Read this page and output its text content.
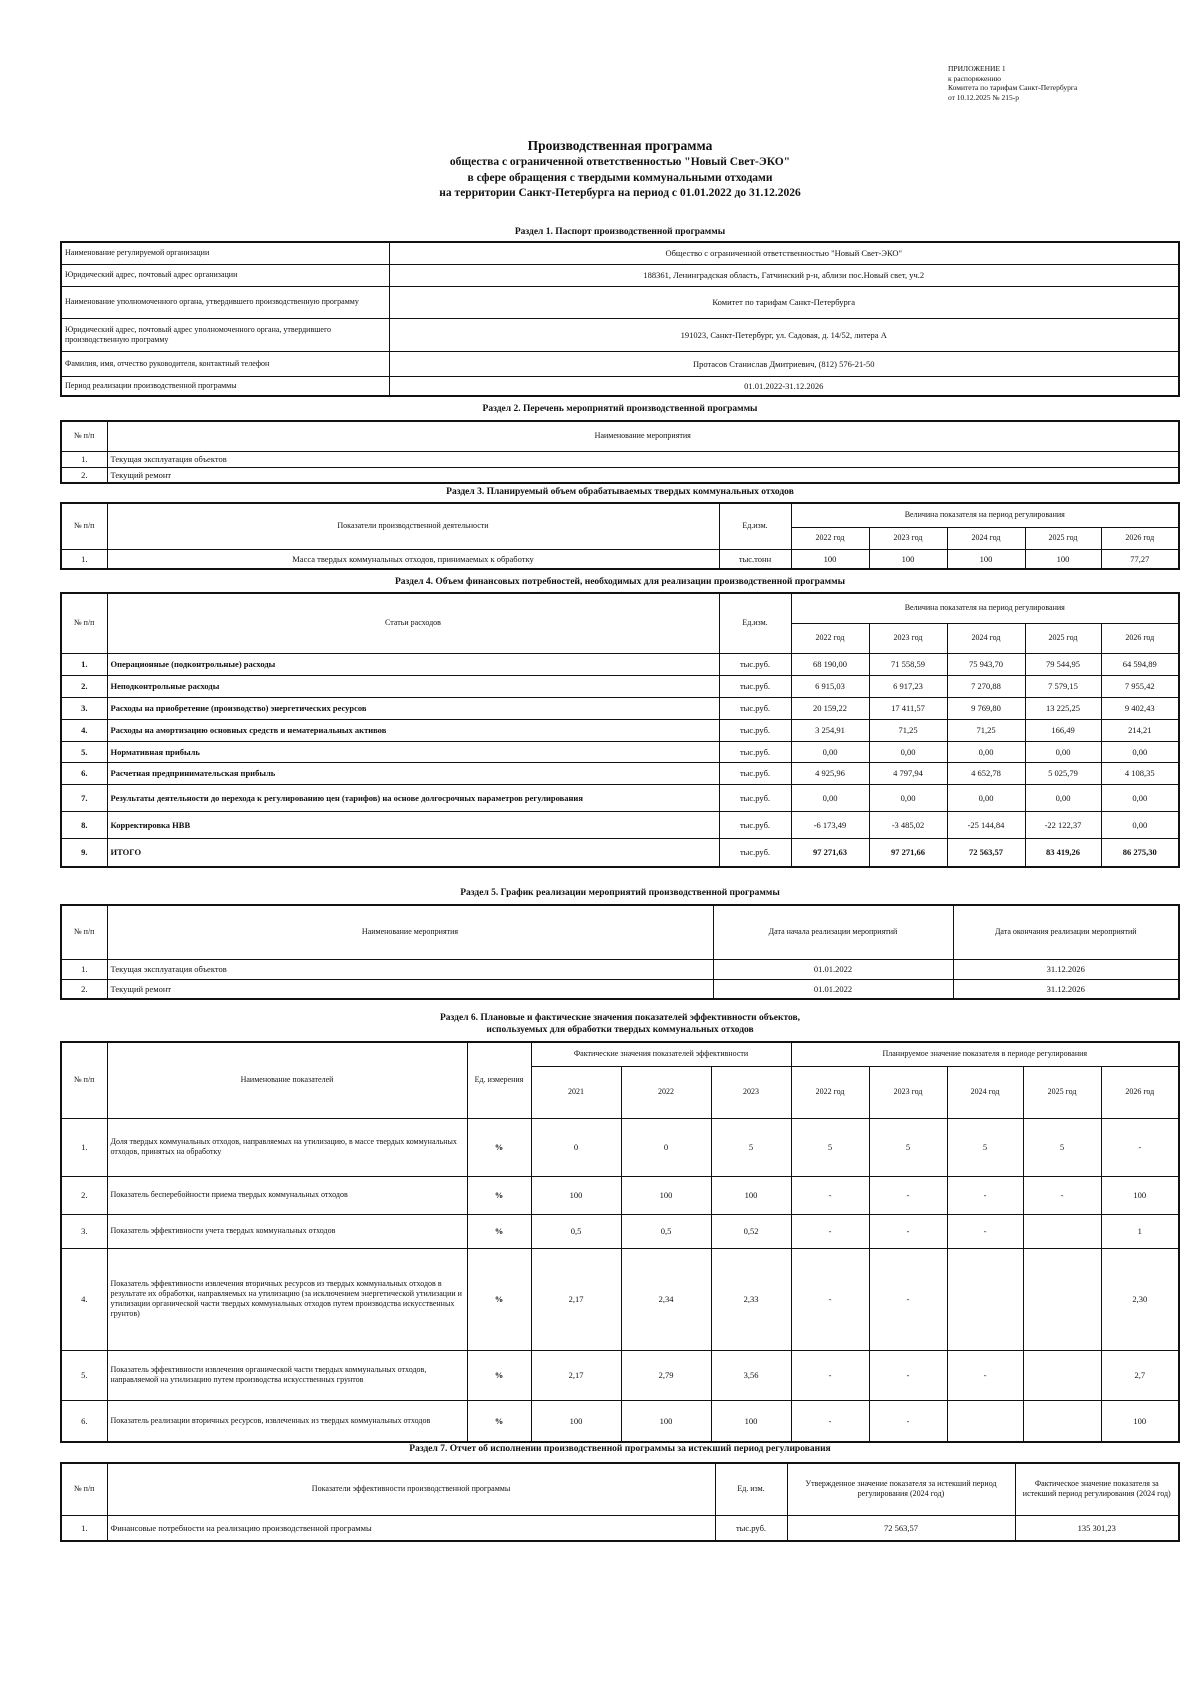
ПРИЛОЖЕНИЕ 1
к распоряжению
Комитета по тарифам Санкт-Петербурга
от 10.12.2025 № 215-р
Производственная программа
общества с ограниченной ответственностью "Новый Свет-ЭКО"
в сфере обращения с твердыми коммунальными отходами
на территории Санкт-Петербурга на период с 01.01.2022 до 31.12.2026
Раздел 1. Паспорт производственной программы
Наименование регулируемой организации	Общество с ограниченной ответственностью "Новый Свет-ЭКО"
Юридический адрес, почтовый адрес организации	188361, Ленинградская область, Гатчинский р-н, аблизи пос.Новый свет, уч.2
Наименование уполномоченного органа, утвердившего производственную программу	Комитет по тарифам Санкт-Петербурга
Юридический адрес, почтовый адрес уполномоченного органа, утвердившего производственную программу	191023, Санкт-Петербург, ул. Садовая, д. 14/52, литера А
Фамилия, имя, отчество руководителя, контактный телефон	Протасов Станислав Дмитриевич, (812) 576-21-50
Период реализации производственной программы	01.01.2022-31.12.2026
Раздел 2. Перечень мероприятий производственной программы
№ п/п	Наименование мероприятия
1.	Текущая эксплуатация объектов
2.	Текущий ремонт
Раздел 3. Планируемый объем обрабатываемых твердых коммунальных отходов
№ п/п	Показатели производственной деятельности	Ед.изм.	Величина показателя на период регулирования				
			2022 год	2023 год	2024 год	2025 год	2026 год
1.	Масса твердых коммунальных отходов, принимаемых к обработку	тыс.тонн	100	100	100	100	77,27
Раздел 4. Объем финансовых потребностей, необходимых для реализации производственной программы
№ п/п	Статьи расходов	Ед.изм.	Величина показателя на период регулирования				
			2022 год	2023 год	2024 год	2025 год	2026 год
1.	Операционные (подконтрольные) расходы	тыс.руб.	68 190,00	71 558,59	75 943,70	79 544,95	64 594,89
2.	Неподконтрольные расходы	тыс.руб.	6 915,03	6 917,23	7 270,88	7 579,15	7 955,42
3.	Расходы на приобретение (производство) энергетических ресурсов	тыс.руб.	20 159,22	17 411,57	9 769,80	13 225,25	9 402,43
4.	Расходы на амортизацию основных средств и нематериальных активов	тыс.руб.	3 254,91	71,25	71,25	166,49	214,21
5.	Нормативная прибыль	тыс.руб.	0,00	0,00	0,00	0,00	0,00
6.	Расчетная предпринимательская прибыль	тыс.руб.	4 925,96	4 797,94	4 652,78	5 025,79	4 108,35
7.	Результаты деятельности до перехода к регулированию цен (тарифов) на основе долгосрочных параметров регулирования	тыс.руб.	0,00	0,00	0,00	0,00	0,00
8.	Корректировка НВВ	тыс.руб.	-6 173,49	-3 485,02	-25 144,84	-22 122,37	0,00
9.	ИТОГО	тыс.руб.	97 271,63	97 271,66	72 563,57	83 419,26	86 275,30
Раздел 5. График реализации мероприятий производственной программы
№ п/п	Наименование мероприятия	Дата начала реализации мероприятий	Дата окончания реализации мероприятий
1.	Текущая эксплуатация объектов	01.01.2022	31.12.2026
2.	Текущий ремонт	01.01.2022	31.12.2026
Раздел 6. Плановые и фактические значения показателей эффективности объектов,
используемых для обработки твердых коммунальных отходов
№ п/п	Наименование показателей	Ед. измерения	Фактические значения показателей эффективности			Планируемое значение показателя в периоде регулирования				
			2021	2022	2023	2022 год	2023 год	2024 год	2025 год	2026 год
1.	Доля твердых коммунальных отходов, направляемых на утилизацию, в массе твердых коммунальных отходов, принятых на обработку	%	0	0	5	5	5	5	5	-
2.	Показатель бесперебойности приема твердых коммунальных отходов	%	100	100	100	-	-	-	-	100
3.	Показатель эффективности учета твердых коммунальных отходов	%	0,5	0,5	0,52	-	-	-		1
4.	Показатель эффективности извлечения вторичных ресурсов из твердых коммунальных отходов в результате их обработки, направляемых на утилизацию (за исключением энергетической утилизации и утилизации органической части твердых коммунальных отходов путем производства искусственных грунтов)	%	2,17	2,34	2,33	-	-			2,30
5.	Показатель эффективности извлечения органической части твердых коммунальных отходов, направляемой на утилизацию путем производства искусственных грунтов	%	2,17	2,79	3,56	-	-	-		2,7
6.	Показатель реализации вторичных ресурсов, извлеченных из твердых коммунальных отходов	%	100	100	100	-	-			100
Раздел 7. Отчет об исполнении производственной программы за истекший период регулирования
№ п/п	Показатели эффективности производственной программы	Ед. изм.	Утвержденное значение показателя за истекший период регулирования (2024 год)	Фактическое значение показателя за истекший период регулирования (2024 год)
1.	Финансовые потребности на реализацию производственной программы	тыс.руб.	72 563,57	135 301,23
